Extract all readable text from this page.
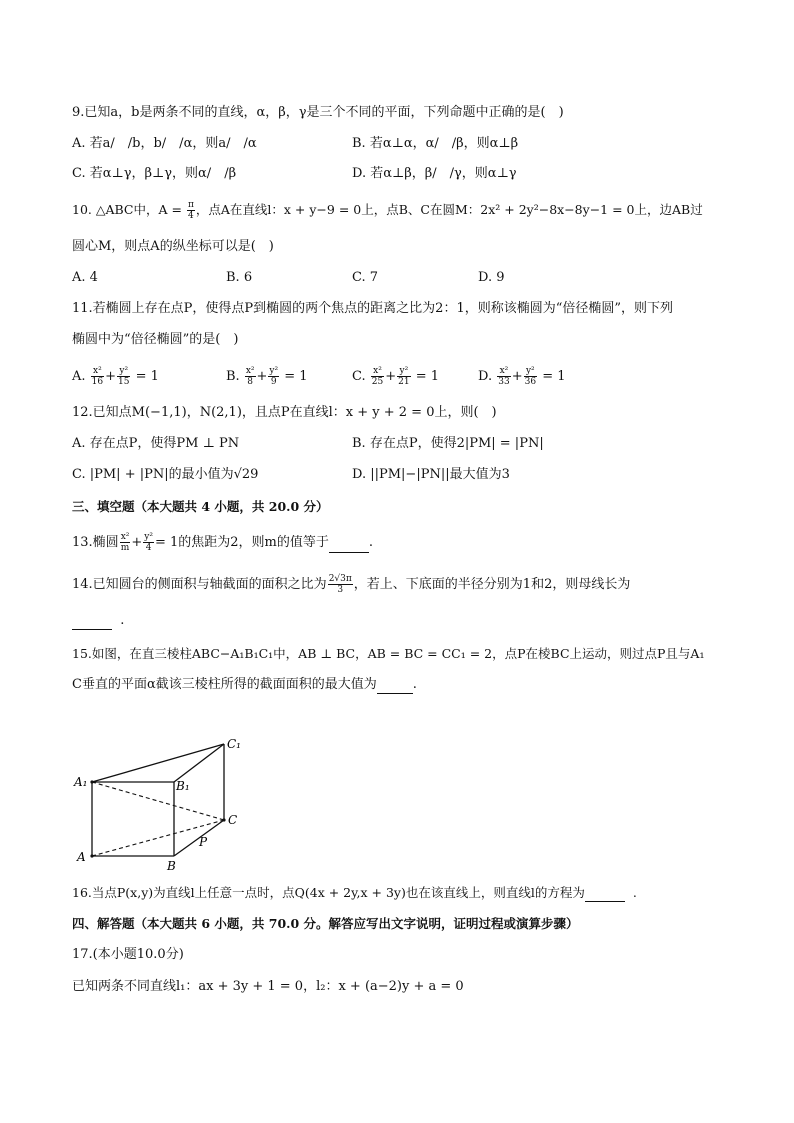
9.已知a，b是两条不同的直线，α，β，γ是三个不同的平面，下列命题中正确的是(　)
A. 若a/　/b，b/　/α，则a/　/α	B. 若α⊥α，α/　/β，则α⊥β
C. 若α⊥γ，β⊥γ，则α/　/β	D. 若α⊥β，β/　/γ，则α⊥γ
10. △ABC中，$A = \frac{\pi}{4}$ ，点A在直线l：x + y−9 = 0上，点B、C在圆M：2x² + 2y²−8x−8y−1 = 0上，边AB过
圆心M，则点A的纵坐标可以是(　)
A. 4	B. 6	C. 7	D. 9
11.若椭圆上存在点P，使得点P到椭圆的两个焦点的距离之比为2：1，则称该椭圆为“倍径椭圆”，则下列
椭圆中为“倍径椭圆”的是(　)
A. $\frac{\text{x²}}{16} + \frac{\text{y²}}{15} = 1$	B. $\frac{\text{x²}}{8} + \frac{\text{y²}}{9} = 1$	C. $\frac{\text{x²}}{25} + \frac{\text{y²}}{21} = 1$	D. $\frac{\text{x²}}{33} + \frac{\text{y²}}{36} = 1$
12.已知点M(−1,1)，N(2,1)，且点P在直线l：x + y + 2 = 0上，则(　)
A. 存在点P，使得PM ⊥ PN	B. 存在点P，使得2|PM| = |PN|
C. |PM| + |PN|的最小值为√29	D. ||PM|−|PN||最大值为3
三、填空题（本大题共 4 小题，共 20.0 分）
13.椭圆 $\frac{\text{x²}}{m} + \frac{\text{y²}}{4} = 1$的焦距为2，则m的值等于	.
14.已知圆台的侧面积与轴截面的面积之比为 $\frac{2√3\pi}{3}$ ，若上、下底面的半径分别为1和2，则母线长为
.
15.如图，在直三棱柱ABC−A₁B₁C₁中，AB ⊥ BC，AB = BC = CC₁ = 2，点P在棱BC上运动，则过点P且与A₁
C垂直的平面α截该三棱柱所得的截面面积的最大值为	.
A₁
A
B₁
B
C₁
C
P
16.当点P(x,y)为直线l上任意一点时，点Q(4x + 2y,x + 3y)也在该直线上，则直线l的方程为	.
四、解答题（本大题共 6 小题，共 70.0 分。解答应写出文字说明，证明过程或演算步骤）
17.(本小题10.0分)
已知两条不同直线l₁：ax + 3y + 1 = 0，l₂：x + (a−2)y + a = 0
